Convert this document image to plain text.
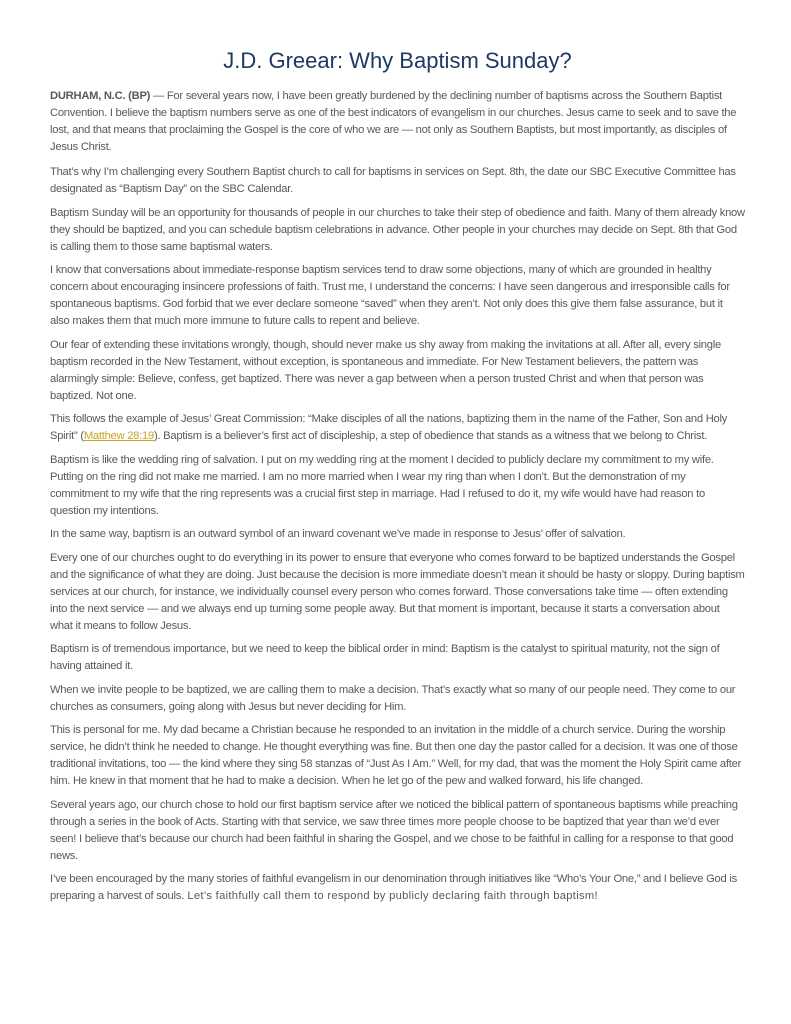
J.D. Greear: Why Baptism Sunday?

DURHAM, N.C. (BP) — For several years now, I have been greatly burdened by the declining number of baptisms across the Southern Baptist Convention. I believe the baptism numbers serve as one of the best indicators of evangelism in our churches. Jesus came to seek and to save the lost, and that means that proclaiming the Gospel is the core of who we are — not only as Southern Baptists, but most importantly, as disciples of Jesus Christ.

That’s why I’m challenging every Southern Baptist church to call for baptisms in services on Sept. 8th, the date our SBC Executive Committee has designated as “Baptism Day” on the SBC Calendar.

Baptism Sunday will be an opportunity for thousands of people in our churches to take their step of obedience and faith. Many of them already know they should be baptized, and you can schedule baptism celebrations in advance. Other people in your churches may decide on Sept. 8th that God is calling them to those same baptismal waters.

I know that conversations about immediate-response baptism services tend to draw some objections, many of which are grounded in healthy concern about encouraging insincere professions of faith. Trust me, I understand the concerns: I have seen dangerous and irresponsible calls for spontaneous baptisms. God forbid that we ever declare someone “saved” when they aren’t. Not only does this give them false assurance, but it also makes them that much more immune to future calls to repent and believe.

Our fear of extending these invitations wrongly, though, should never make us shy away from making the invitations at all. After all, every single baptism recorded in the New Testament, without exception, is spontaneous and immediate. For New Testament believers, the pattern was alarmingly simple: Believe, confess, get baptized. There was never a gap between when a person trusted Christ and when that person was baptized. Not one.

This follows the example of Jesus’ Great Commission: “Make disciples of all the nations, baptizing them in the name of the Father, Son and Holy Spirit” (Matthew 28:19). Baptism is a believer’s first act of discipleship, a step of obedience that stands as a witness that we belong to Christ.

Baptism is like the wedding ring of salvation. I put on my wedding ring at the moment I decided to publicly declare my commitment to my wife. Putting on the ring did not make me married. I am no more married when I wear my ring than when I don’t. But the demonstration of my commitment to my wife that the ring represents was a crucial first step in marriage. Had I refused to do it, my wife would have had reason to question my intentions.

In the same way, baptism is an outward symbol of an inward covenant we’ve made in response to Jesus’ offer of salvation.

Every one of our churches ought to do everything in its power to ensure that everyone who comes forward to be baptized understands the Gospel and the significance of what they are doing. Just because the decision is more immediate doesn’t mean it should be hasty or sloppy. During baptism services at our church, for instance, we individually counsel every person who comes forward. Those conversations take time — often extending into the next service — and we always end up turning some people away. But that moment is important, because it starts a conversation about what it means to follow Jesus.

Baptism is of tremendous importance, but we need to keep the biblical order in mind: Baptism is the catalyst to spiritual maturity, not the sign of having attained it.

When we invite people to be baptized, we are calling them to make a decision. That’s exactly what so many of our people need. They come to our churches as consumers, going along with Jesus but never deciding for Him.

This is personal for me. My dad became a Christian because he responded to an invitation in the middle of a church service. During the worship service, he didn’t think he needed to change. He thought everything was fine. But then one day the pastor called for a decision. It was one of those traditional invitations, too — the kind where they sing 58 stanzas of “Just As I Am.” Well, for my dad, that was the moment the Holy Spirit came after him. He knew in that moment that he had to make a decision. When he let go of the pew and walked forward, his life changed.

Several years ago, our church chose to hold our first baptism service after we noticed the biblical pattern of spontaneous baptisms while preaching through a series in the book of Acts. Starting with that service, we saw three times more people choose to be baptized that year than we’d ever seen! I believe that’s because our church had been faithful in sharing the Gospel, and we chose to be faithful in calling for a response to that good news.

I’ve been encouraged by the many stories of faithful evangelism in our denomination through initiatives like “Who’s Your One,” and I believe God is preparing a harvest of souls. Let’s faithfully call them to respond by publicly declaring faith through baptism!
